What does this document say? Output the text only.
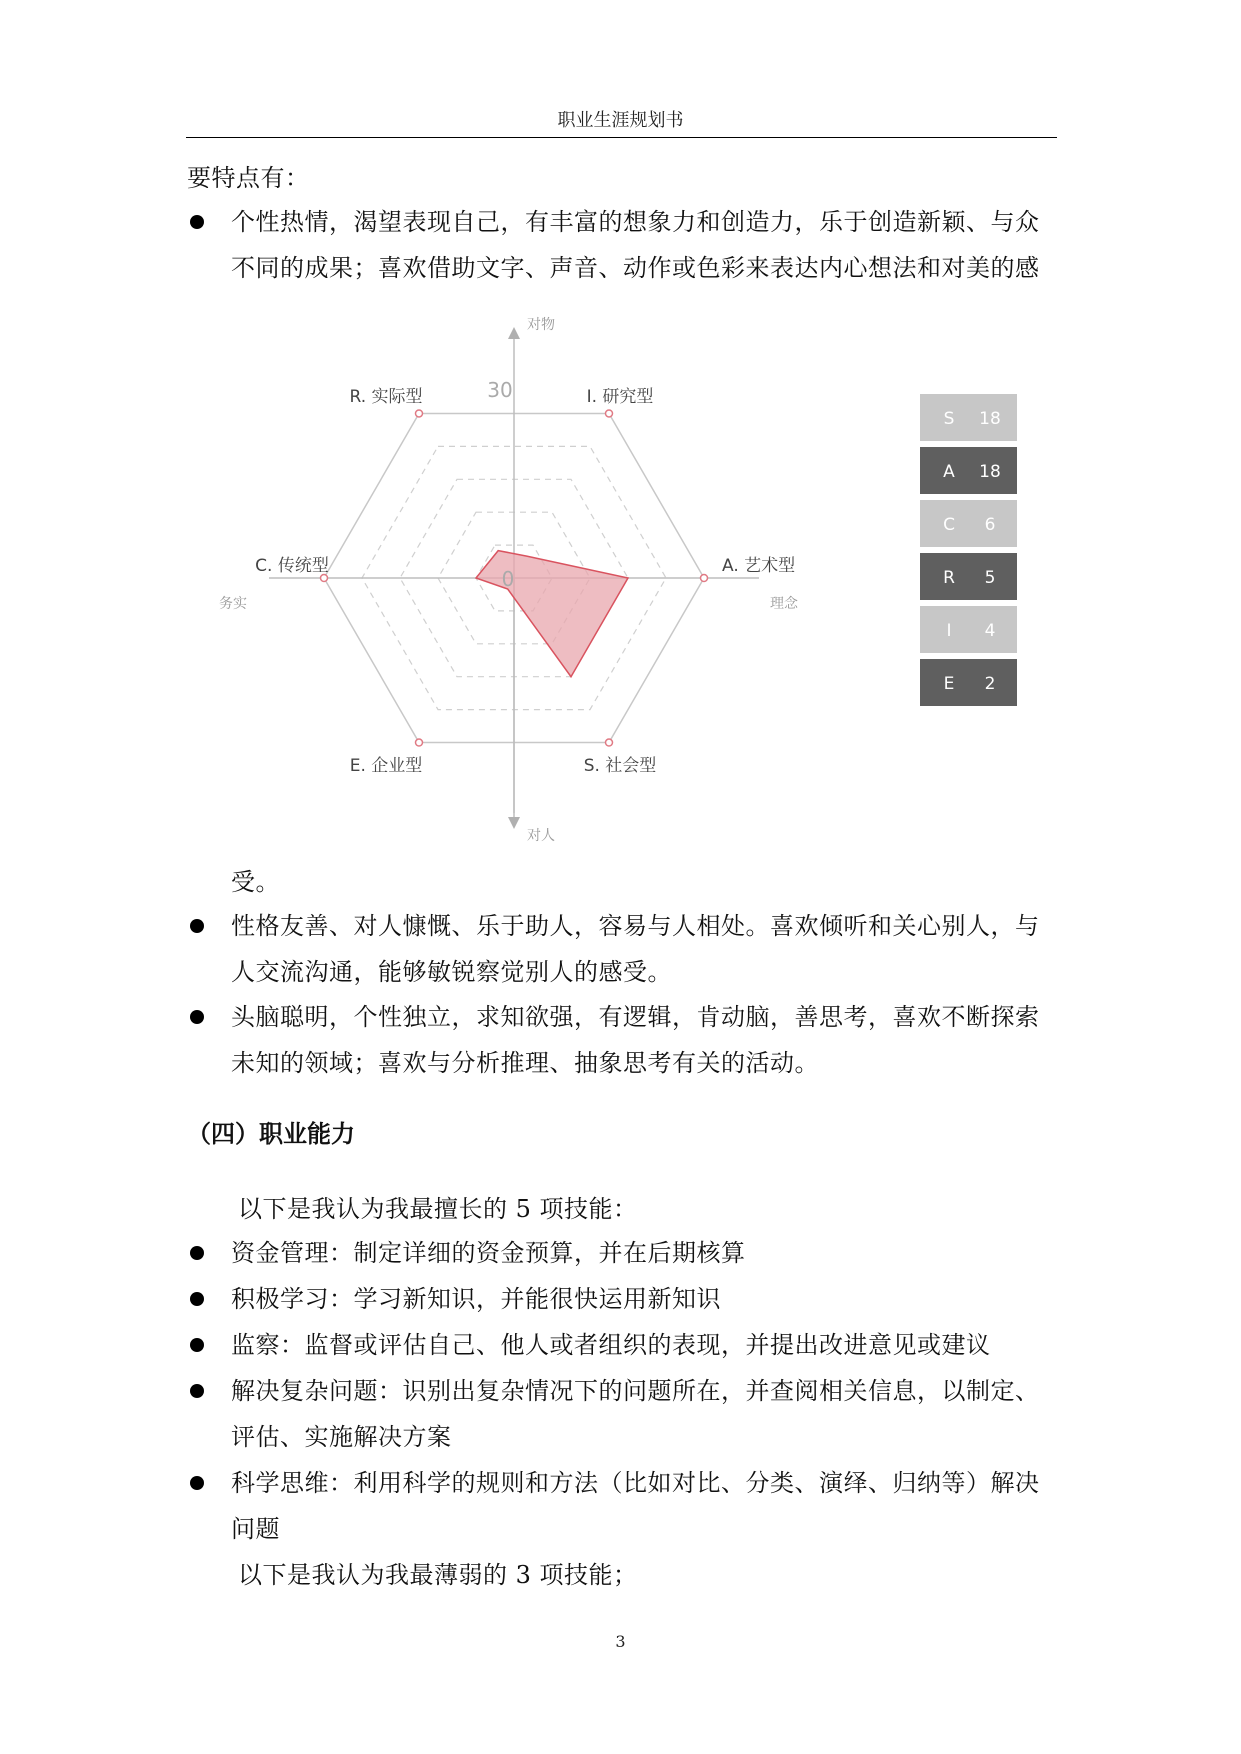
职业生涯规划书
要特点有：
个性热情，渴望表现自己，有丰富的想象力和创造力，乐于创造新颖、与众
不同的成果；喜欢借助文字、声音、动作或色彩来表达内心想法和对美的感
30
0
R. 实际型	I. 研究型
A. 艺术型
S. 社会型
E. 企业型
C. 传统型
对物
对人
务实	理念
S 18
A 18
C 6
R 5
I 4
E 2
受。
性格友善、对人慷慨、乐于助人，容易与人相处。喜欢倾听和关心别人，与
人交流沟通，能够敏锐察觉别人的感受。
头脑聪明，个性独立，求知欲强，有逻辑，肯动脑，善思考，喜欢不断探索
未知的领域；喜欢与分析推理、抽象思考有关的活动。
（四）职业能力
以下是我认为我最擅长的 5 项技能：
资金管理：制定详细的资金预算，并在后期核算
积极学习：学习新知识，并能很快运用新知识
监察：监督或评估自己、他人或者组织的表现，并提出改进意见或建议
解决复杂问题：识别出复杂情况下的问题所在，并查阅相关信息，以制定、
评估、实施解决方案
科学思维：利用科学的规则和方法（比如对比、分类、演绎、归纳等）解决
问题
以下是我认为我最薄弱的 3 项技能；
3
